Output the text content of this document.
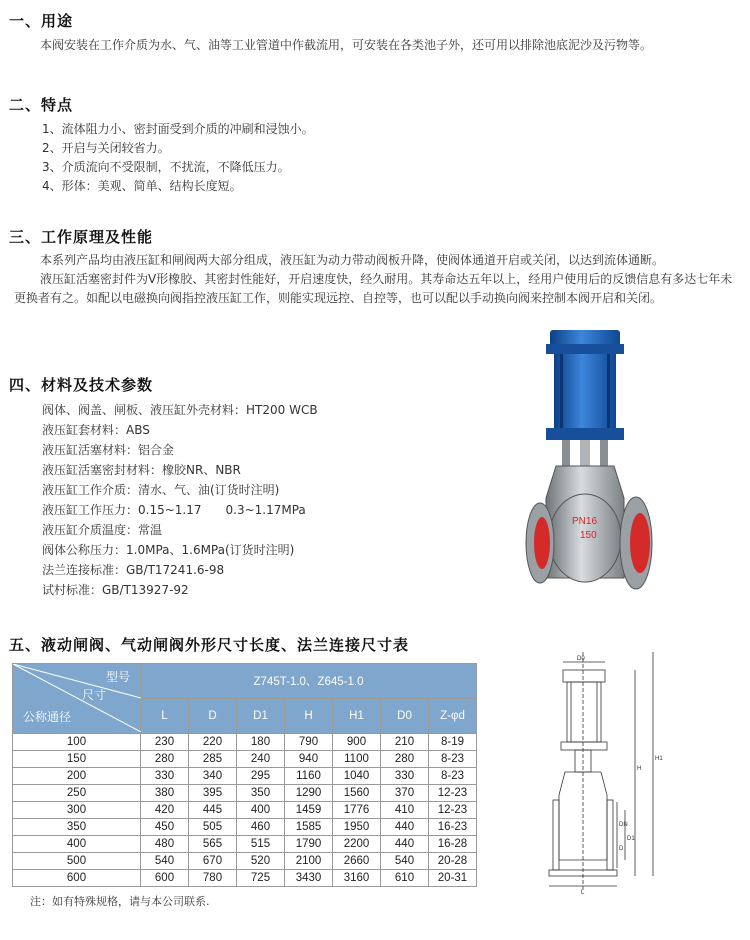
一、用途
本阀安装在工作介质为水、气、油等工业管道中作截流用，可安装在各类池子外，还可用以排除池底泥沙及污物等。
二、特点
1、流体阻力小、密封面受到介质的冲刷和浸蚀小。
2、开启与关闭较省力。
3、介质流向不受限制，不扰流，不降低压力。
4、形体：美观、简单、结构长度短。
三、工作原理及性能
本系列产品均由液压缸和闸阀两大部分组成，液压缸为动力带动阀板升降，使阀体通道开启或关闭，以达到流体通断。
液压缸活塞密封件为V形橡胶、其密封性能好，开启速度快，经久耐用。其寿命达五年以上，经用户使用后的反馈信息有多达七年未更换者有之。如配以电磁换向阀指控液压缸工作，则能实现远控、自控等，也可以配以手动换向阀来控制本阀开启和关闭。
四、材料及技术参数
阀体、阀盖、闸板、液压缸外壳材料：HT200 WCB
液压缸套材料：ABS
液压缸活塞材料：铝合金
液压缸活塞密封材料：橡胶NR、NBR
液压缸工作介质：清水、气、油(订货时注明)
液压缸工作压力：0.15~1.17　　0.3~1.17MPa
液压缸介质温度：常温
阀体公称压力：1.0MPa、1.6MPa(订货时注明)
法兰连接标准：GB/T17241.6-98
试村标准：GB/T13927-92
PN16
150
五、液动闸阀、气动闸阀外形尺寸长度、法兰连接尺寸表
型号
尺寸
公称通径	Z745T-1.0、Z645-1.0						
	L	D	D1	H	H1	D0	Z-φd
100	230	220	180	790	900	210	8-19
150	280	285	240	940	1100	280	8-23
200	330	340	295	1160	1040	330	8-23
250	380	395	350	1290	1560	370	12-23
300	420	445	400	1459	1776	410	12-23
350	450	505	460	1585	1950	440	16-23
400	480	565	515	1790	2200	440	16-28
500	540	670	520	2100	2660	540	20-28
600	600	780	725	3430	3160	610	20-31
注：如有特殊规格，请与本公司联系.
D0
H
H1
DN
D1
D
L
